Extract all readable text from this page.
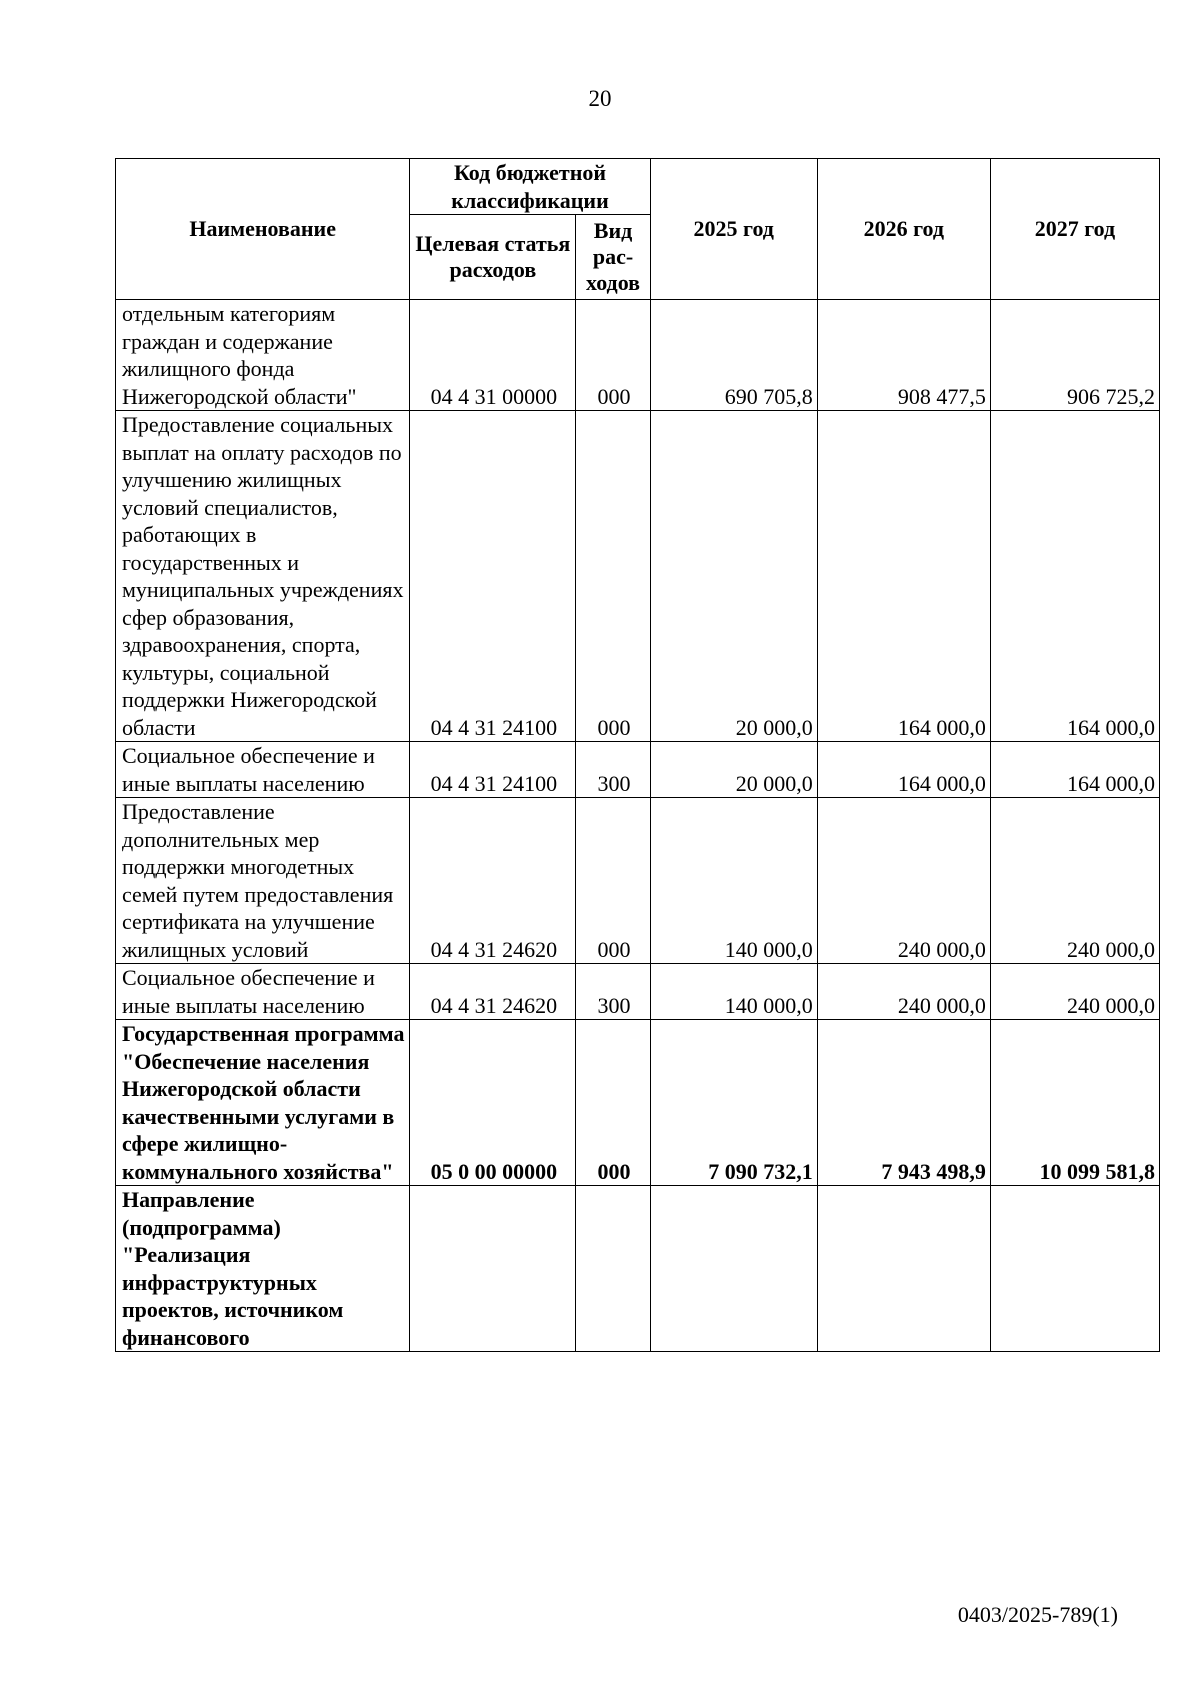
20
Наименование	Код бюджетной классификации		2025 год	2026 год	2027 год
	Целевая статья расходов	Вид рас-ходов			
отдельным категориям граждан и содержание жилищного фонда Нижегородской области"	04 4 31 00000	000	690 705,8	908 477,5	906 725,2
Предоставление социальных выплат на оплату расходов по улучшению жилищных условий специалистов, работающих в государственных и муниципальных учреждениях сфер образования, здравоохранения, спорта, культуры, социальной поддержки Нижегородской области	04 4 31 24100	000	20 000,0	164 000,0	164 000,0
Социальное обеспечение и иные выплаты населению	04 4 31 24100	300	20 000,0	164 000,0	164 000,0
Предоставление дополнительных мер поддержки многодетных семей путем предоставления сертификата на улучшение жилищных условий	04 4 31 24620	000	140 000,0	240 000,0	240 000,0
Социальное обеспечение и иные выплаты населению	04 4 31 24620	300	140 000,0	240 000,0	240 000,0
Государственная программа "Обеспечение населения Нижегородской области качественными услугами в сфере жилищно-коммунального хозяйства"	05 0 00 00000	000	7 090 732,1	7 943 498,9	10 099 581,8
Направление (подпрограмма) "Реализация инфраструктурных проектов, источником финансового					
0403/2025-789(1)
